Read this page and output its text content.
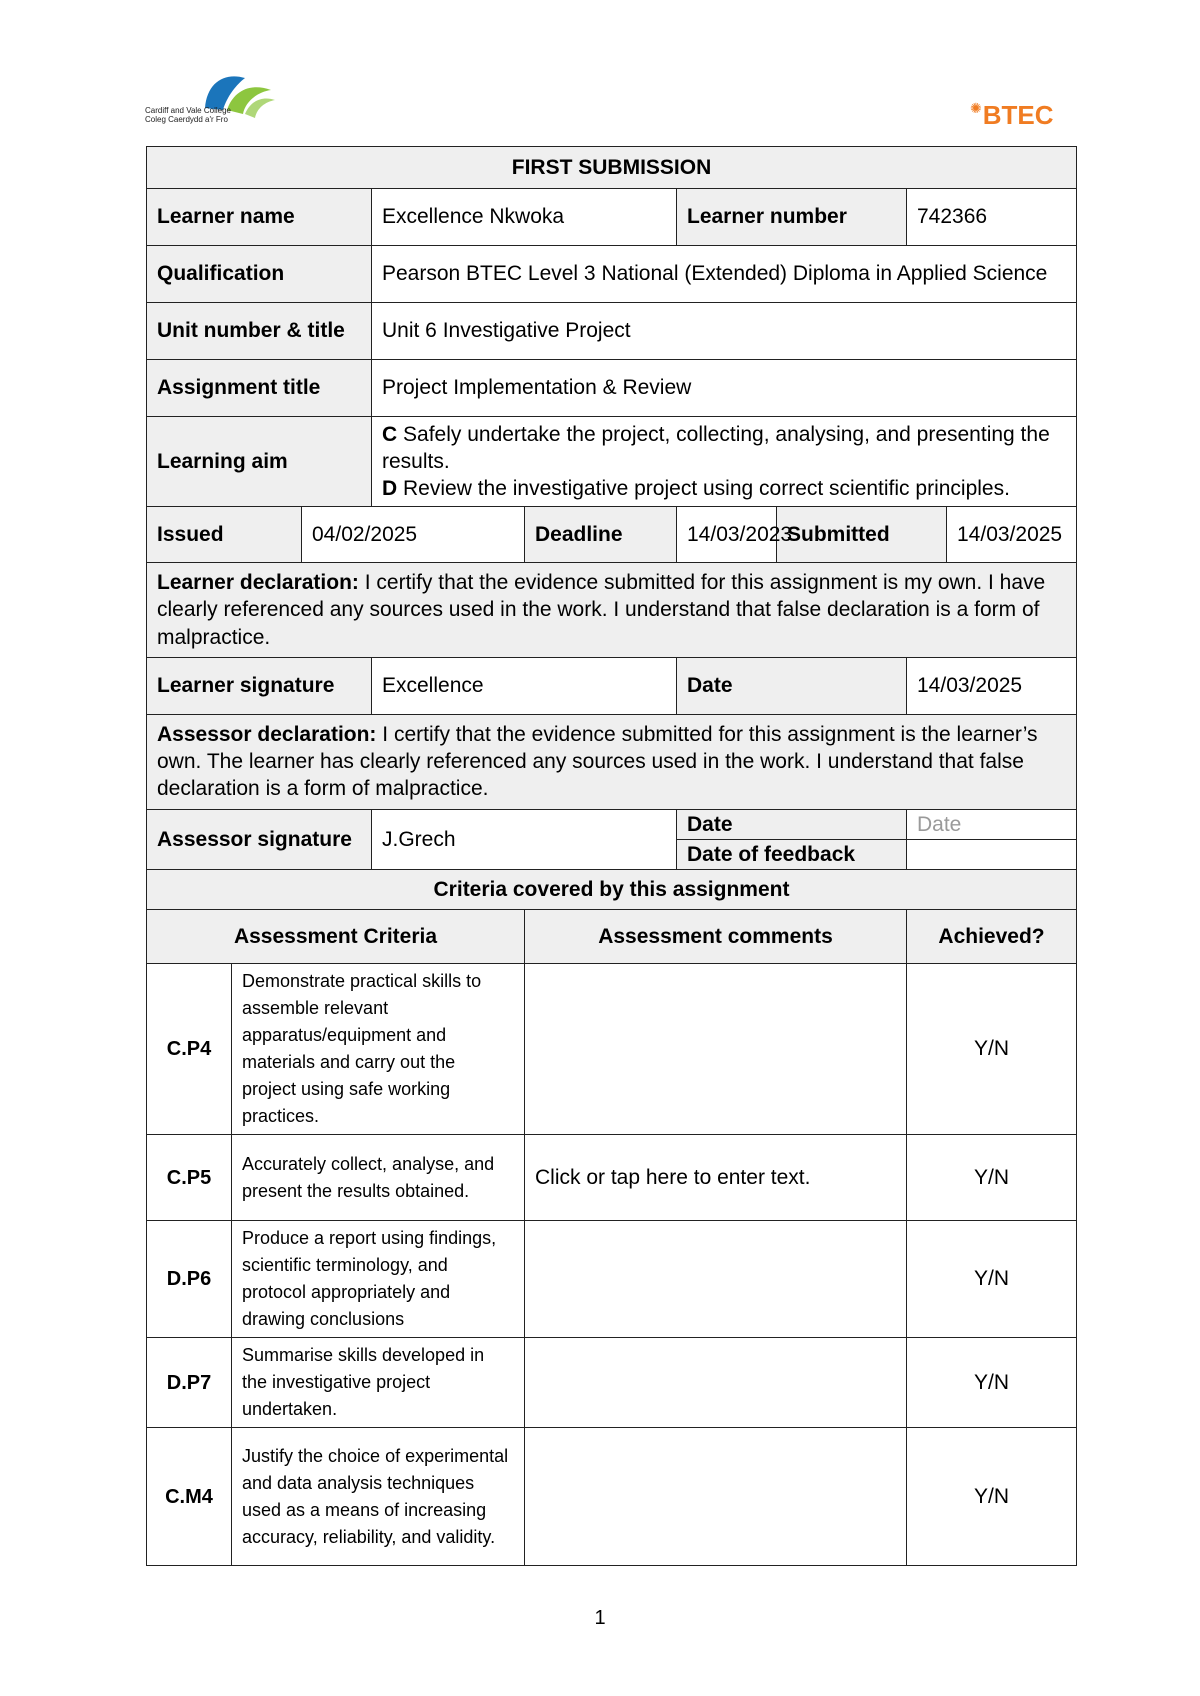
Cardiff and Vale College
Coleg Caerdydd a'r Fro
✺BTEC
FIRST SUBMISSION								
Learner name			Excellence Nkwoka		Learner number		742366	
Qualification			Pearson BTEC Level 3 National (Extended) Diploma in Applied Science					
Unit number & title			Unit 6 Investigative Project					
Assignment title			Project Implementation & Review					
Learning aim			C Safely undertake the project, collecting, analysing, and presenting the results.
D Review the investigative project using correct scientific principles.					

Issued		04/02/2025		Deadline	14/03/2023	Submitted		14/03/2025
Learner declaration: I certify that the evidence submitted for this assignment is my own. I have clearly referenced any sources used in the work. I understand that false declaration is a form of malpractice.								
Learner signature			Excellence		Date		14/03/2025	
Assessor declaration: I certify that the evidence submitted for this assignment is the learner’s own. The learner has clearly referenced any sources used in the work. I understand that false declaration is a form of malpractice.								
Assessor signature			J.Grech		Date		Date	
					Date of feedback			
Criteria covered by this assignment								
Assessment Criteria				Assessment comments			Achieved?	
C.P4	Demonstrate practical skills to assemble relevant apparatus/equipment and materials and carry out the project using safe working practices.						Y/N	
C.P5	Accurately collect, analyse, and present the results obtained.			Click or tap here to enter text.			Y/N	
D.P6	Produce a report using findings, scientific terminology, and protocol appropriately and drawing conclusions						Y/N	
D.P7	Summarise skills developed in the investigative project undertaken.						Y/N	
C.M4	Justify the choice of experimental and data analysis techniques used as a means of increasing accuracy, reliability, and validity.						Y/N	
1
